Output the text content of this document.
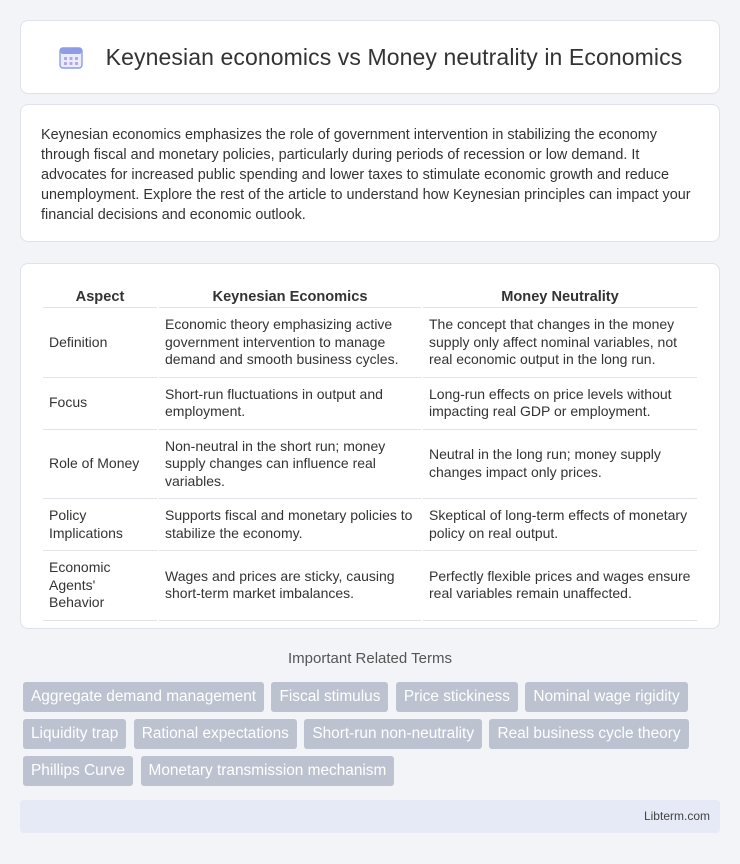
Keynesian economics vs Money neutrality in Economics

Keynesian economics emphasizes the role of government intervention in stabilizing the economy through fiscal and monetary policies, particularly during periods of recession or low demand. It advocates for increased public spending and lower taxes to stimulate economic growth and reduce unemployment. Explore the rest of the article to understand how Keynesian principles can impact your financial decisions and economic outlook.

Aspect	Keynesian Economics	Money Neutrality
Definition	Economic theory emphasizing active government intervention to manage demand and smooth business cycles.	The concept that changes in the money supply only affect nominal variables, not real economic output in the long run.
Focus	Short-run fluctuations in output and employment.	Long-run effects on price levels without impacting real GDP or employment.
Role of Money	Non-neutral in the short run; money supply changes can influence real variables.	Neutral in the long run; money supply changes impact only prices.
Policy Implications	Supports fiscal and monetary policies to stabilize the economy.	Skeptical of long-term effects of monetary policy on real output.
Economic Agents' Behavior	Wages and prices are sticky, causing short-term market imbalances.	Perfectly flexible prices and wages ensure real variables remain unaffected.
Important Related Terms
Aggregate demand management Fiscal stimulus Price stickiness Nominal wage rigidity Liquidity trap Rational expectations Short-run non-neutrality Real business cycle theory Phillips Curve Monetary transmission mechanism
Libterm.com
